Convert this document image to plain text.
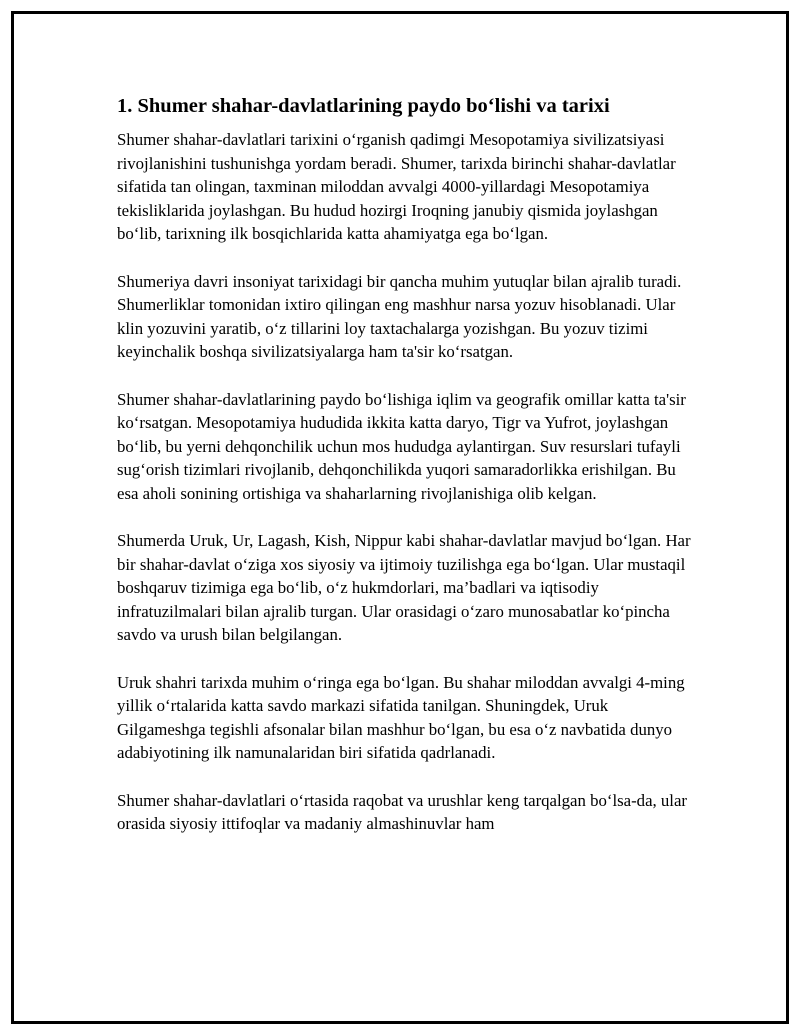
1. Shumer shahar-davlatlarining paydo boʻlishi va tarixi

Shumer shahar-davlatlari tarixini oʻrganish qadimgi Mesopotamiya sivilizatsiyasi rivojlanishini tushunishga yordam beradi. Shumer, tarixda birinchi shahar-davlatlar sifatida tan olingan, taxminan miloddan avvalgi 4000-yillardagi Mesopotamiya tekisliklarida joylashgan. Bu hudud hozirgi Iroqning janubiy qismida joylashgan boʻlib, tarixning ilk bosqichlarida katta ahamiyatga ega boʻlgan.

Shumeriya davri insoniyat tarixidagi bir qancha muhim yutuqlar bilan ajralib turadi. Shumerliklar tomonidan ixtiro qilingan eng mashhur narsa yozuv hisoblanadi. Ular klin yozuvini yaratib, oʻz tillarini loy taxtachalarga yozishgan. Bu yozuv tizimi keyinchalik boshqa sivilizatsiyalarga ham ta'sir koʻrsatgan.

Shumer shahar-davlatlarining paydo boʻlishiga iqlim va geografik omillar katta ta'sir koʻrsatgan. Mesopotamiya hududida ikkita katta daryo, Tigr va Yufrot, joylashgan boʻlib, bu yerni dehqonchilik uchun mos hududga aylantirgan. Suv resurslari tufayli sugʻorish tizimlari rivojlanib, dehqonchilikda yuqori samaradorlikka erishilgan. Bu esa aholi sonining ortishiga va shaharlarning rivojlanishiga olib kelgan.

Shumerda Uruk, Ur, Lagash, Kish, Nippur kabi shahar-davlatlar mavjud boʻlgan. Har bir shahar-davlat oʻziga xos siyosiy va ijtimoiy tuzilishga ega boʻlgan. Ular mustaqil boshqaruv tizimiga ega boʻlib, oʻz hukmdorlari, ma’badlari va iqtisodiy infratuzilmalari bilan ajralib turgan. Ular orasidagi oʻzaro munosabatlar koʻpincha savdo va urush bilan belgilangan.

Uruk shahri tarixda muhim oʻringa ega boʻlgan. Bu shahar miloddan avvalgi 4-ming yillik oʻrtalarida katta savdo markazi sifatida tanilgan. Shuningdek, Uruk Gilgameshga tegishli afsonalar bilan mashhur boʻlgan, bu esa oʻz navbatida dunyo adabiyotining ilk namunalaridan biri sifatida qadrlanadi.

Shumer shahar-davlatlari oʻrtasida raqobat va urushlar keng tarqalgan boʻlsa-da, ular orasida siyosiy ittifoqlar va madaniy almashinuvlar ham
